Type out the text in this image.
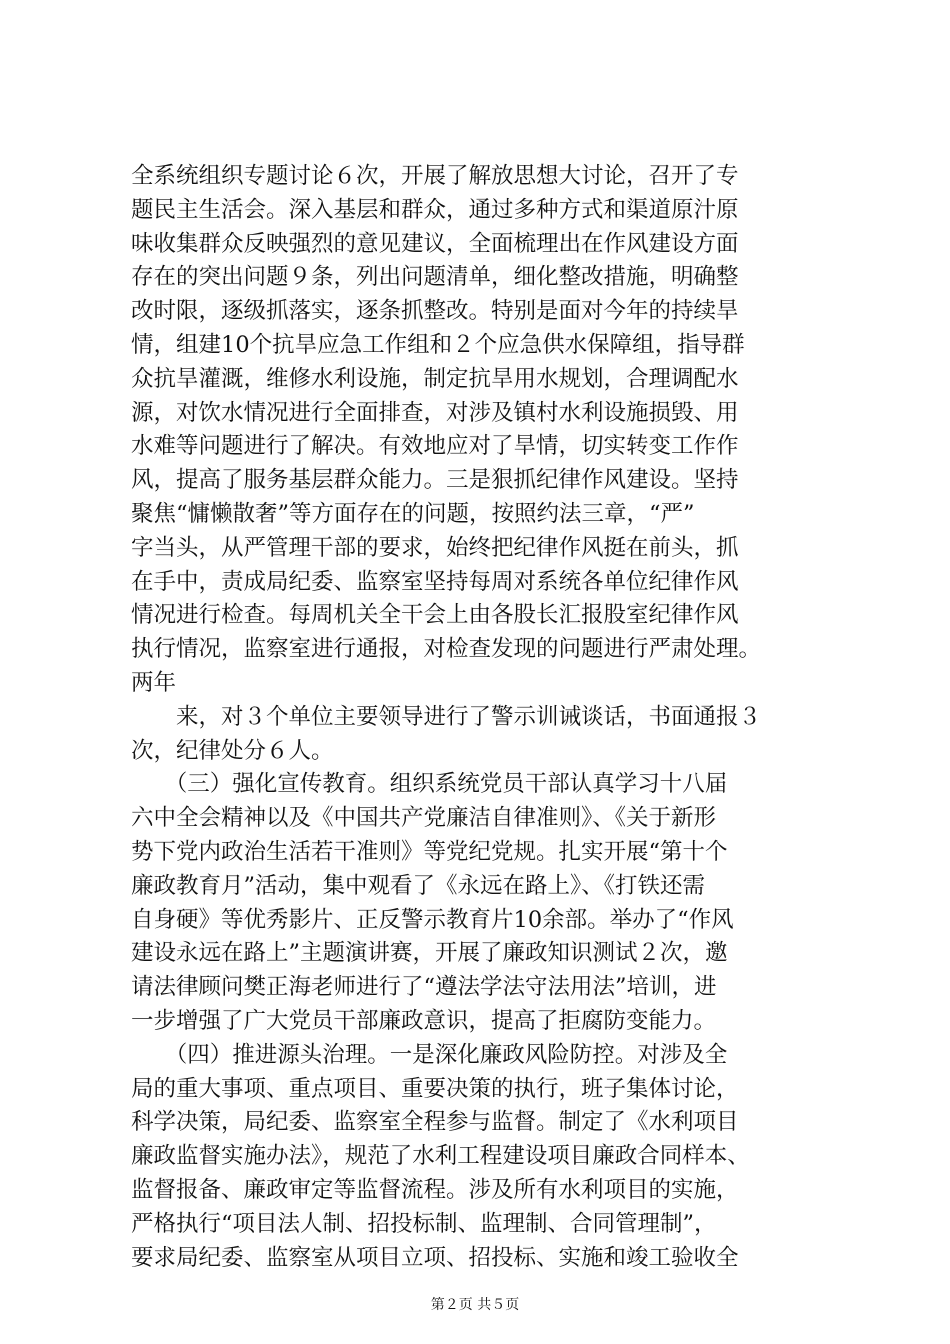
全系统组织专题讨论６次，开展了解放思想大讨论，召开了专
题民主生活会。深入基层和群众，通过多种方式和渠道原汁原
味收集群众反映强烈的意见建议，全面梳理出在作风建设方面
存在的突出问题９条，列出问题清单，细化整改措施，明确整
改时限，逐级抓落实，逐条抓整改。特别是面对今年的持续旱
情，组建10个抗旱应急工作组和２个应急供水保障组，指导群
众抗旱灌溉，维修水利设施，制定抗旱用水规划，合理调配水
源，对饮水情况进行全面排查，对涉及镇村水利设施损毁、用
水难等问题进行了解决。有效地应对了旱情，切实转变工作作
风，提高了服务基层群众能力。三是狠抓纪律作风建设。坚持
聚焦“慵懒散奢”等方面存在的问题，按照约法三章，“严”
字当头，从严管理干部的要求，始终把纪律作风挺在前头，抓
在手中，责成局纪委、监察室坚持每周对系统各单位纪律作风
情况进行检查。每周机关全干会上由各股长汇报股室纪律作风
执行情况，监察室进行通报，对检查发现的问题进行严肃处理。
两年
　　来，对３个单位主要领导进行了警示训诫谈话，书面通报３
次，纪律处分６人。
　　（三）强化宣传教育。组织系统党员干部认真学习十八届
六中全会精神以及《中国共产党廉洁自律准则》、《关于新形
势下党内政治生活若干准则》等党纪党规。扎实开展“第十个
廉政教育月”活动，集中观看了《永远在路上》、《打铁还需
自身硬》等优秀影片、正反警示教育片10余部。举办了“作风
建设永远在路上”主题演讲赛，开展了廉政知识测试２次，邀
请法律顾问樊正海老师进行了“遵法学法守法用法”培训，进
一步增强了广大党员干部廉政意识，提高了拒腐防变能力。
　　（四）推进源头治理。一是深化廉政风险防控。对涉及全
局的重大事项、重点项目、重要决策的执行，班子集体讨论，
科学决策，局纪委、监察室全程参与监督。制定了《水利项目
廉政监督实施办法》，规范了水利工程建设项目廉政合同样本、
监督报备、廉政审定等监督流程。涉及所有水利项目的实施，
严格执行“项目法人制、招投标制、监理制、合同管理制”，
要求局纪委、监察室从项目立项、招投标、实施和竣工验收全
第２页 共５页
